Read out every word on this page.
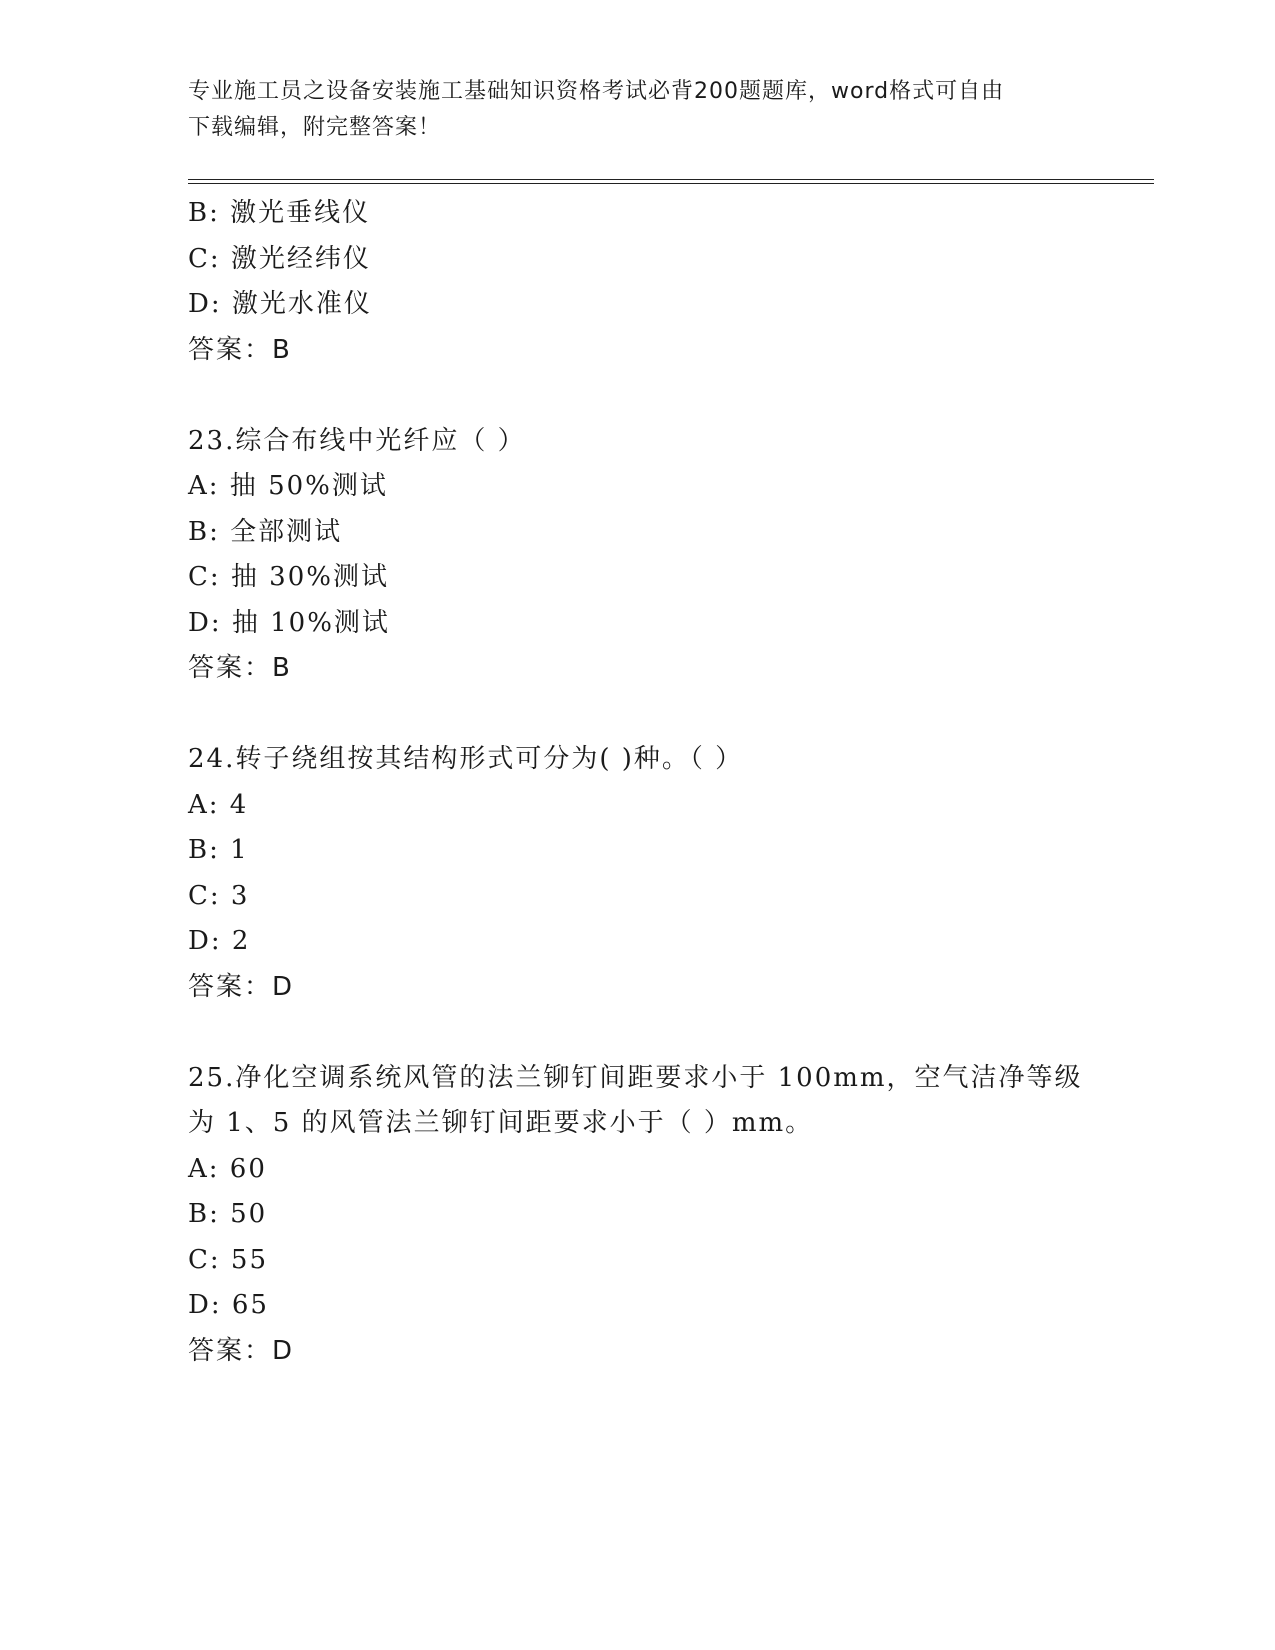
专业施工员之设备安装施工基础知识资格考试必背200题题库，word格式可自由
下载编辑，附完整答案！
B: 激光垂线仪
C: 激光经纬仪
D: 激光水准仪
答案：B
23.综合布线中光纤应（ ）
A: 抽 50%测试
B: 全部测试
C: 抽 30%测试
D: 抽 10%测试
答案：B
24.转子绕组按其结构形式可分为( )种。（ ）
A: 4
B: 1
C: 3
D: 2
答案：D
25.净化空调系统风管的法兰铆钉间距要求小于 100mm，空气洁净等级
为 1、5 的风管法兰铆钉间距要求小于（ ）mm。
A: 60
B: 50
C: 55
D: 65
答案：D
